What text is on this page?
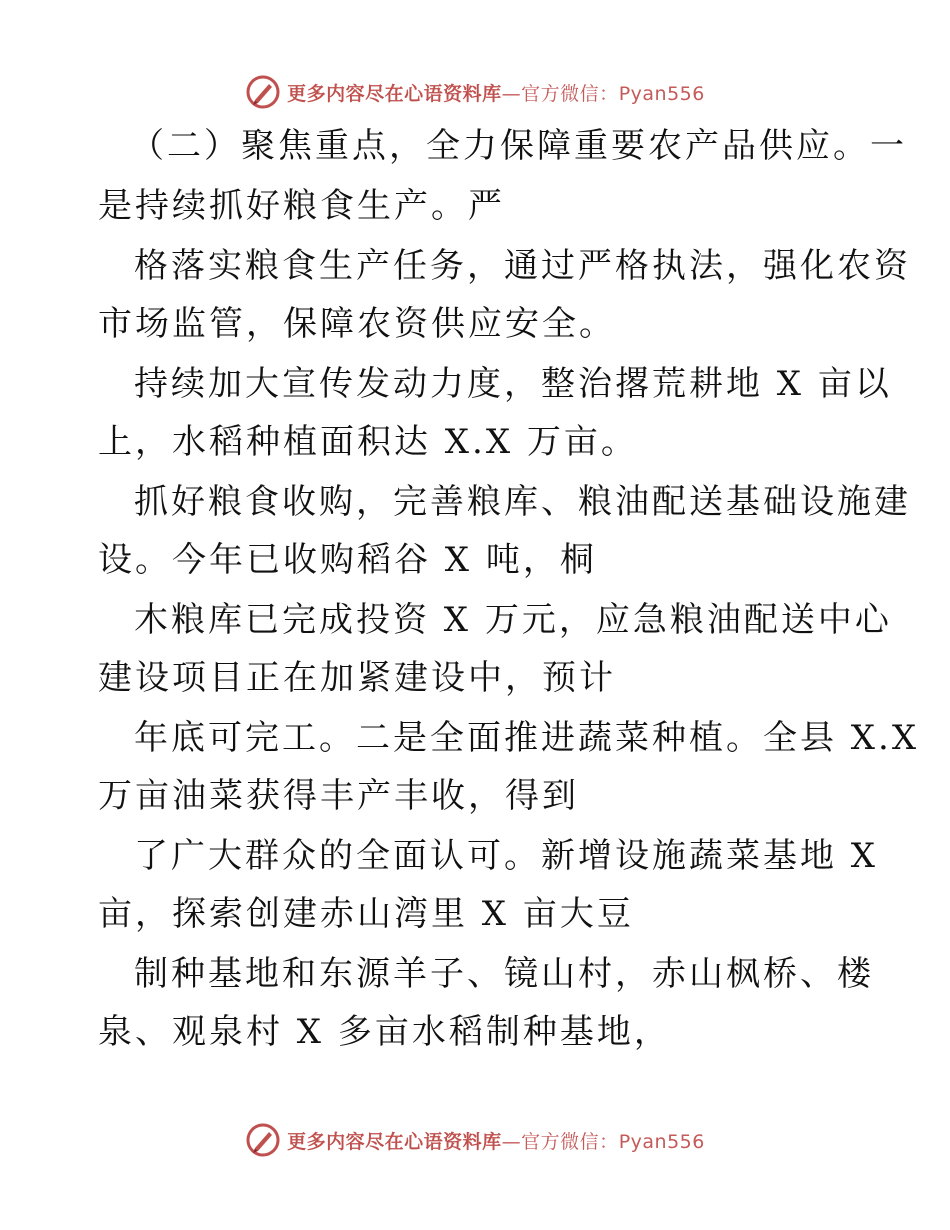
更多内容尽在心语资料库—官方微信：Pyan556
（二）聚焦重点，全力保障重要农产品供应。一
是持续抓好粮食生产。严
格落实粮食生产任务，通过严格执法，强化农资
市场监管，保障农资供应安全。
持续加大宣传发动力度，整治撂荒耕地 X 亩以
上，水稻种植面积达 X.X 万亩。
抓好粮食收购，完善粮库、粮油配送基础设施建
设。今年已收购稻谷 X 吨，桐
木粮库已完成投资 X 万元，应急粮油配送中心
建设项目正在加紧建设中，预计
年底可完工。二是全面推进蔬菜种植。全县 X.X
万亩油菜获得丰产丰收，得到
了广大群众的全面认可。新增设施蔬菜基地 X
亩，探索创建赤山湾里 X 亩大豆
制种基地和东源羊子、镜山村，赤山枫桥、楼
泉、观泉村 X 多亩水稻制种基地，
更多内容尽在心语资料库—官方微信：Pyan556
